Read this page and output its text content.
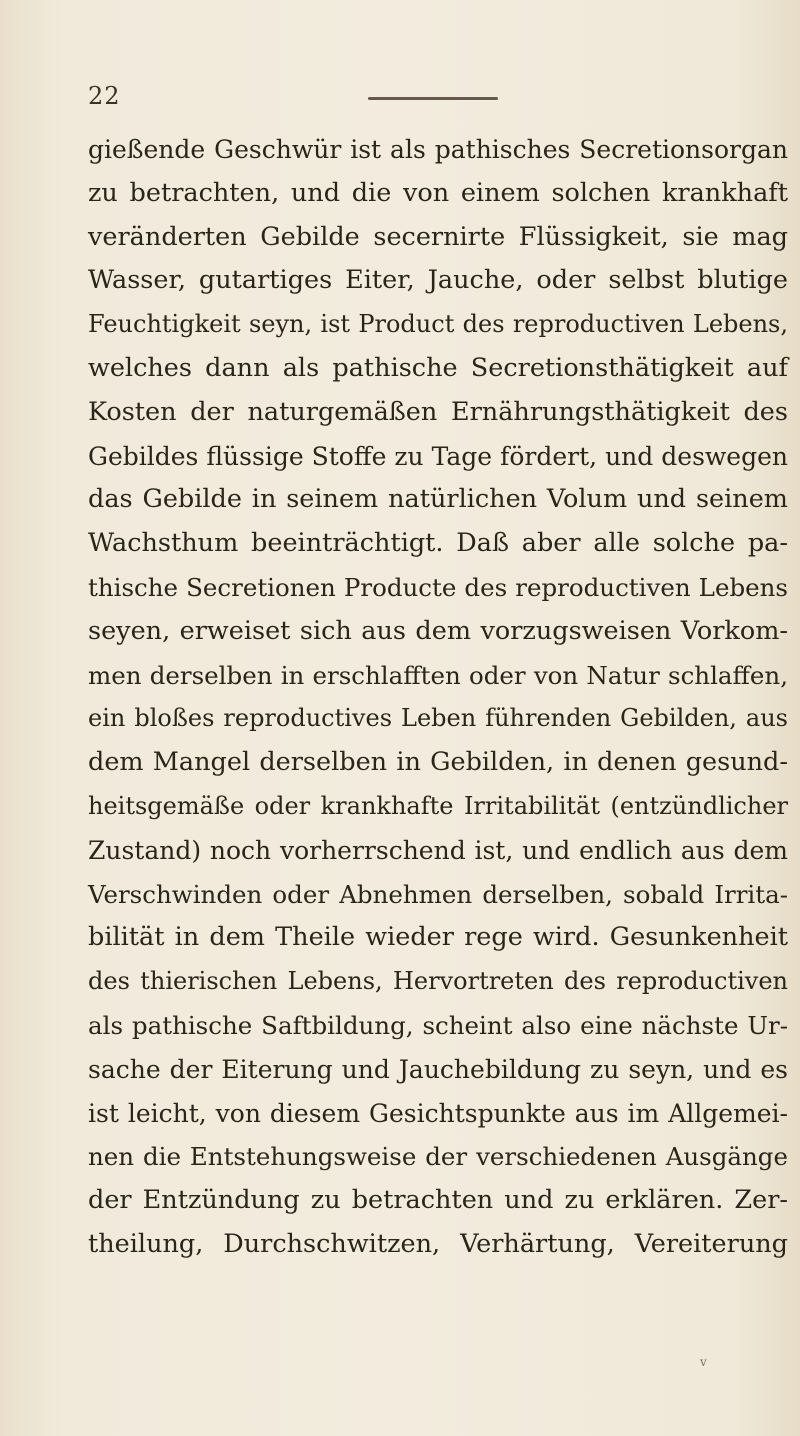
22
gießende Geschwür ist als pathisches Secretionsorgan
zu betrachten, und die von einem solchen krankhaft
veränderten Gebilde secernirte Flüssigkeit, sie mag
Wasser, gutartiges Eiter, Jauche, oder selbst blutige
Feuchtigkeit seyn, ist Product des reproductiven Lebens,
welches dann als pathische Secretionsthätigkeit auf
Kosten der naturgemäßen Ernährungsthätigkeit des
Gebildes flüssige Stoffe zu Tage fördert, und deswegen
das Gebilde in seinem natürlichen Volum und seinem
Wachsthum beeinträchtigt. Daß aber alle solche pa-
thische Secretionen Producte des reproductiven Lebens
seyen, erweiset sich aus dem vorzugsweisen Vorkom-
men derselben in erschlafften oder von Natur schlaffen,
ein bloßes reproductives Leben führenden Gebilden, aus
dem Mangel derselben in Gebilden, in denen gesund-
heitsgemäße oder krankhafte Irritabilität (entzündlicher
Zustand) noch vorherrschend ist, und endlich aus dem
Verschwinden oder Abnehmen derselben, sobald Irrita-
bilität in dem Theile wieder rege wird. Gesunkenheit
des thierischen Lebens, Hervortreten des reproductiven
als pathische Saftbildung, scheint also eine nächste Ur-
sache der Eiterung und Jauchebildung zu seyn, und es
ist leicht, von diesem Gesichtspunkte aus im Allgemei-
nen die Entstehungsweise der verschiedenen Ausgänge
der Entzündung zu betrachten und zu erklären. Zer-
theilung, Durchschwitzen, Verhärtung, Vereiterung
v
